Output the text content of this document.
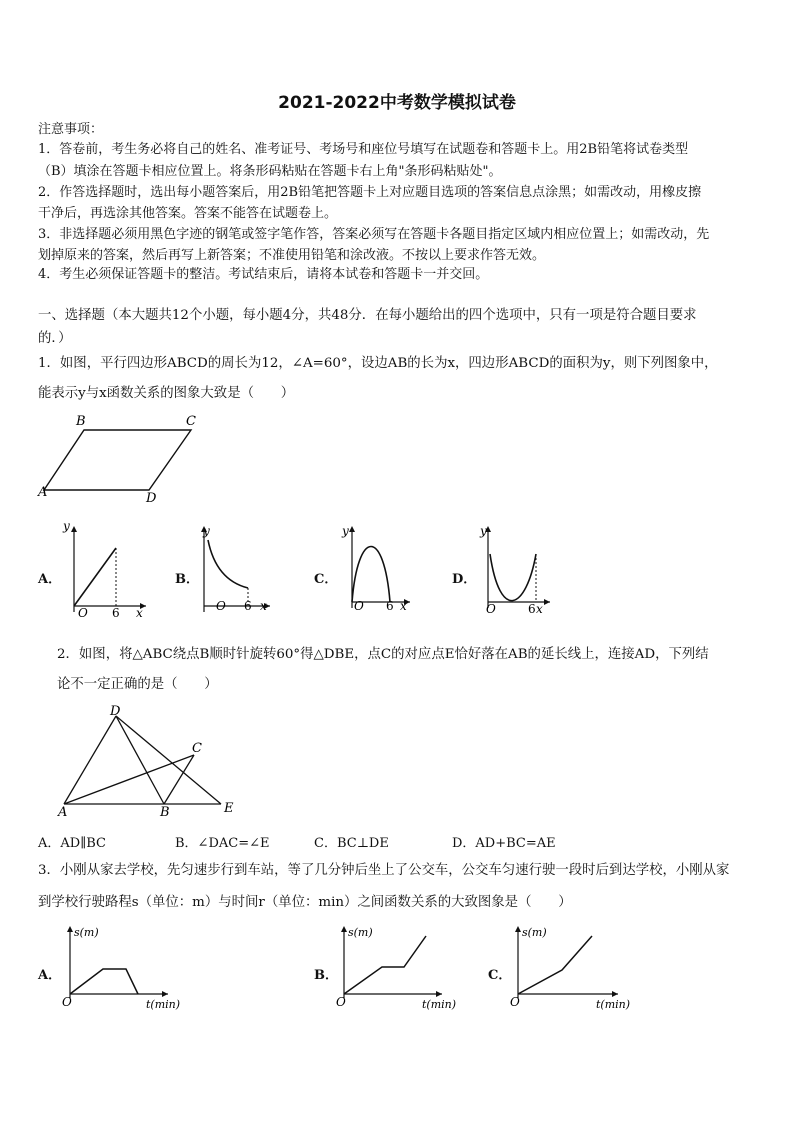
2021-2022中考数学模拟试卷
注意事项：
1．答卷前，考生务必将自己的姓名、准考证号、考场号和座位号填写在试题卷和答题卡上。用2B铅笔将试卷类型
（B）填涂在答题卡相应位置上。将条形码粘贴在答题卡右上角"条形码粘贴处"。
2．作答选择题时，选出每小题答案后，用2B铅笔把答题卡上对应题目选项的答案信息点涂黑；如需改动，用橡皮擦
干净后，再选涂其他答案。答案不能答在试题卷上。
3．非选择题必须用黑色字迹的钢笔或签字笔作答，答案必须写在答题卡各题目指定区域内相应位置上；如需改动，先
划掉原来的答案，然后再写上新答案；不准使用铅笔和涂改液。不按以上要求作答无效。
4．考生必须保证答题卡的整洁。考试结束后，请将本试卷和答题卡一并交回。
一、选择题（本大题共12个小题，每小题4分，共48分．在每小题给出的四个选项中，只有一项是符合题目要求
的．）
1．如图，平行四边形ABCD的周长为12，∠A=60°，设边AB的长为x，四边形ABCD的面积为y，则下列图象中，
能表示y与x函数关系的图象大致是（　　）
B	C
A	D
A．
y
O 6 x
B．
y
O 6 x
C．
y
O 6 x
D．
y
O	6 x
2．如图，将△ABC绕点B顺时针旋转60°得△DBE，点C的对应点E恰好落在AB的延长线上，连接AD，下列结
论不一定正确的是（　　）
D
C
A	B	E
A．AD∥BC	B．∠DAC=∠E	C．BC⊥DE	D．AD+BC=AE
3．小刚从家去学校，先匀速步行到车站，等了几分钟后坐上了公交车，公交车匀速行驶一段时后到达学校，小刚从家
到学校行驶路程s（单位：m）与时间r（单位：min）之间函数关系的大致图象是（　　）
A．
s(m)
O	t(min)
B．
s(m)
O	t(min)
C．
s(m)
O	t(min)
